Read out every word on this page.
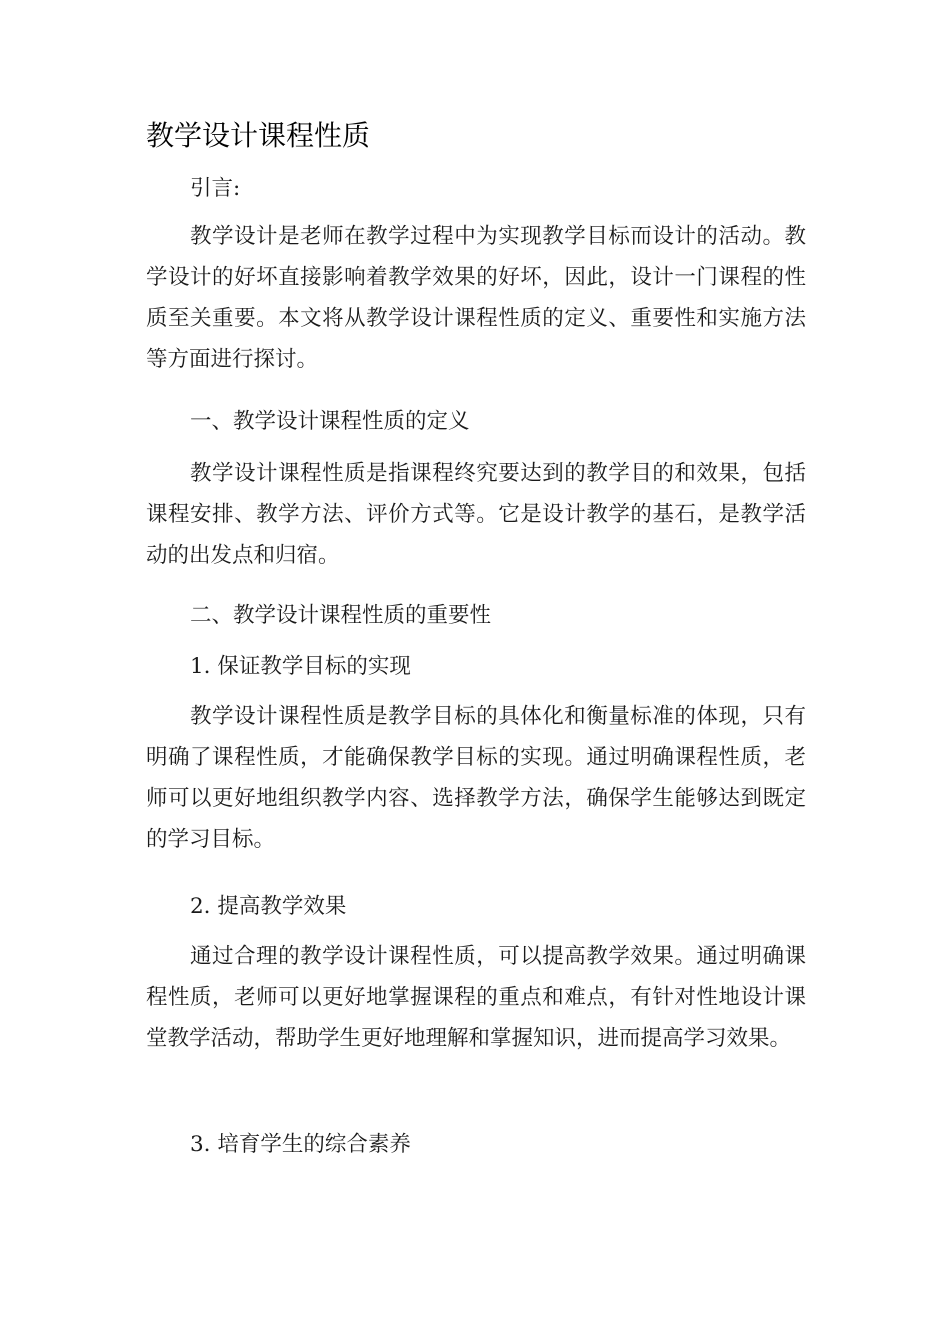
教学设计课程性质

引言:

教学设计是老师在教学过程中为实现教学目标而设计的活动。教学设计的好坏直接影响着教学效果的好坏，因此，设计一门课程的性质至关重要。本文将从教学设计课程性质的定义、重要性和实施方法等方面进行探讨。

一、教学设计课程性质的定义

教学设计课程性质是指课程终究要达到的教学目的和效果，包括课程安排、教学方法、评价方式等。它是设计教学的基石，是教学活动的出发点和归宿。

二、教学设计课程性质的重要性

1. 保证教学目标的实现

教学设计课程性质是教学目标的具体化和衡量标准的体现，只有明确了课程性质，才能确保教学目标的实现。通过明确课程性质，老师可以更好地组织教学内容、选择教学方法，确保学生能够达到既定的学习目标。

2. 提高教学效果

通过合理的教学设计课程性质，可以提高教学效果。通过明确课程性质，老师可以更好地掌握课程的重点和难点，有针对性地设计课堂教学活动，帮助学生更好地理解和掌握知识，进而提高学习效果。

3. 培育学生的综合素养
